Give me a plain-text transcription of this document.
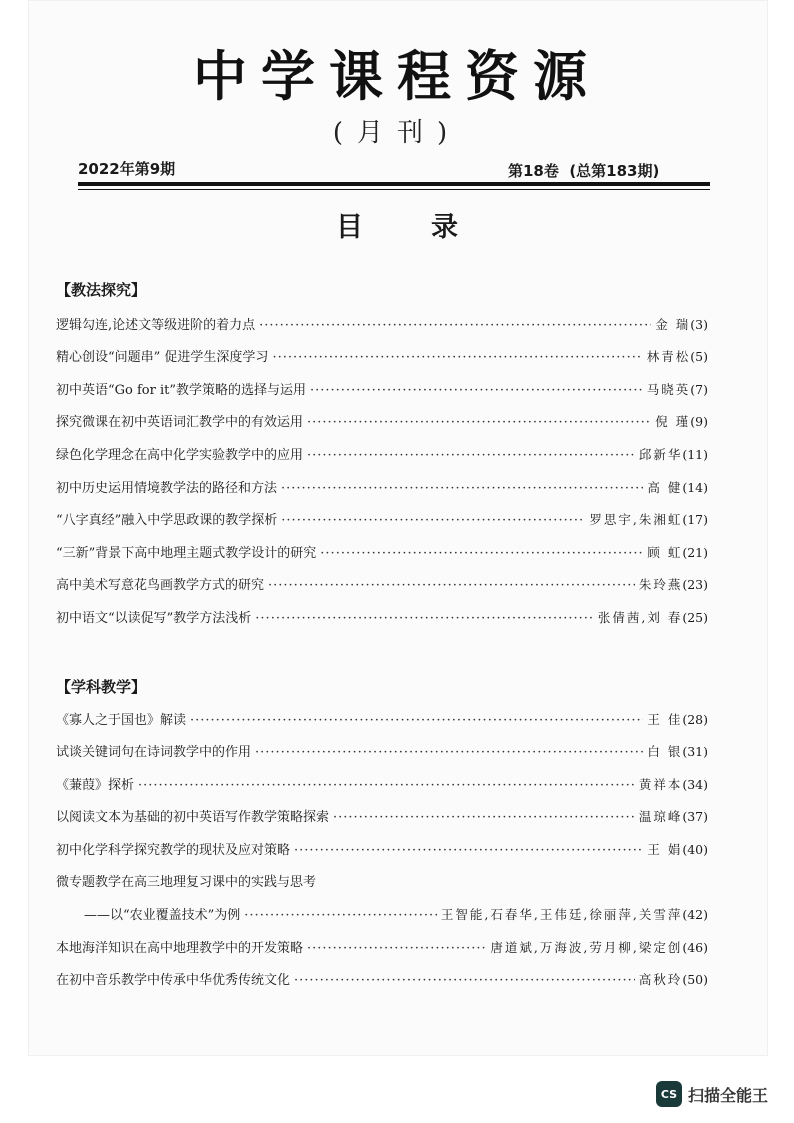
中学课程资源
(月刊)
2022年第9期	第18卷  (总第183期)
目录
【教法探究】
逻辑勾连,论述文等级进阶的着力点 ·····	金 瑞 (3)
精心创设“问题串” 促进学生深度学习 ·····	林青松 (5)
初中英语“Go for it”教学策略的选择与运用 ·····	马晓英 (7)
探究微课在初中英语词汇教学中的有效运用 ·····	倪 瑾 (9)
绿色化学理念在高中化学实验教学中的应用 ·····	邱新华 (11)
初中历史运用情境教学法的路径和方法 ·····	高 健 (14)
“八字真经”融入中学思政课的教学探析 ·····	罗思宇,朱湘虹 (17)
“三新”背景下高中地理主题式教学设计的研究 ·····	顾 虹 (21)
高中美术写意花鸟画教学方式的研究 ·····	朱玲燕 (23)
初中语文“以读促写”教学方法浅析 ·····	张倩茜,刘 春 (25)
【学科教学】
《寡人之于国也》解读 ·····	王 佳 (28)
试谈关键词句在诗词教学中的作用 ·····	白 银 (31)
《蒹葭》探析 ·····	黄祥本 (34)
以阅读文本为基础的初中英语写作教学策略探索 ·····	温琼峰 (37)
初中化学科学探究教学的现状及应对策略 ·····	王 娟 (40)
微专题教学在高三地理复习课中的实践与思考
——以“农业覆盖技术”为例 ·····	王智能,石春华,王伟廷,徐丽萍,关雪萍 (42)
本地海洋知识在高中地理教学中的开发策略 ·····	唐道斌,万海波,劳月柳,梁定创 (46)
在初中音乐教学中传承中华优秀传统文化 ·····	高秋玲 (50)
CS 扫描全能王
